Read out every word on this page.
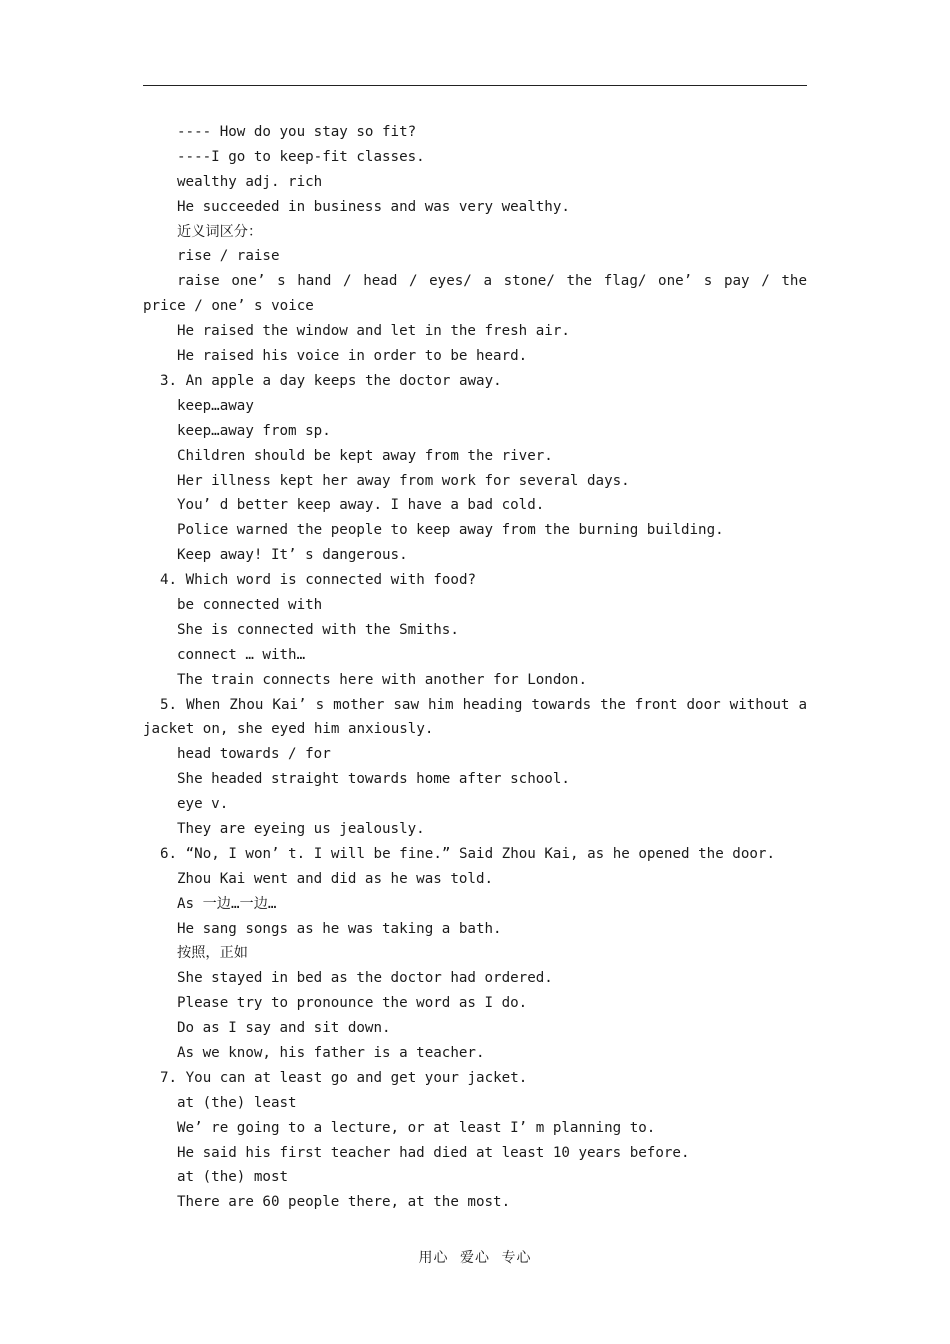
---- How do you stay so fit?
----I go to keep-fit classes.
wealthy adj. rich
He succeeded in business and was very wealthy.
近义词区分：
rise / raise
raise one’ s hand / head / eyes/ a stone/ the flag/ one’ s pay / the price / one’ s voice
He raised the window and let in the fresh air.
He raised his voice in order to be heard.
3. An apple a day keeps the doctor away.
keep…away
keep…away from sp.
Children should be kept away from the river.
Her illness kept her away from work for several days.
You’ d better keep away. I have a bad cold.
Police warned the people to keep away from the burning building.
Keep away! It’ s dangerous.
4. Which word is connected with food?
be connected with
She is connected with the Smiths.
connect … with…
The train connects here with another for London.
5. When Zhou Kai’ s mother saw him heading towards the front door without a jacket on, she eyed him anxiously.
head towards / for
She headed straight towards home after school.
eye v.
They are eyeing us jealously.
6. “No, I won’ t. I will be fine.” Said Zhou Kai, as he opened the door.
Zhou Kai went and did as he was told.
As 一边…一边…
He sang songs as he was taking a bath.
按照，正如
She stayed in bed as the doctor had ordered.
Please try to pronounce the word as I do.
Do as I say and sit down.
As we know, his father is a teacher.
7. You can at least go and get your jacket.
at (the) least
We’ re going to a lecture, or at least I’ m planning to.
He said his first teacher had died at least 10 years before.
at (the) most
There are 60 people there, at the most.
用心 爱心 专心
